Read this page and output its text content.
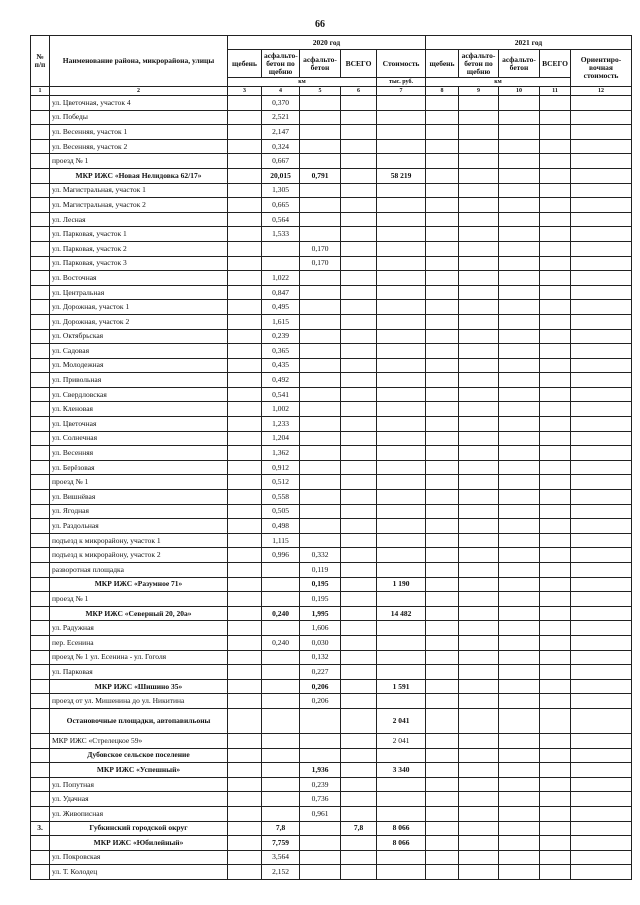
66
№ п/п	Наименование района, микрорайона, улицы	2020 год					2021 год				
		щебень	асфальто-бетон по щебню	асфальто-бетон	ВСЕГО	Стоимость	щебень	асфальто-бетон по щебню	асфальто-бетон	ВСЕГО	Ориентиро-вочная стоимость
		км				тыс. руб.	км				
1	2	3	4	5	6	7	8	9	10	11	12
	ул. Цветочная, участок 4		0,370								
	ул. Победы		2,521								
	ул. Весенняя, участок 1		2,147								
	ул. Весенняя, участок 2		0,324								
	проезд № 1		0,667								
	МКР ИЖС «Новая Нелидовка 62/17»		20,015	0,791		58 219					
	ул. Магистральная, участок 1		1,305								
	ул. Магистральная, участок 2		0,665								
	ул. Лесная		0,564								
	ул. Парковая, участок 1		1,533								
	ул. Парковая, участок 2			0,170							
	ул. Парковая, участок 3			0,170							
	ул. Восточная		1,022								
	ул. Центральная		0,847								
	ул. Дорожная, участок 1		0,495								
	ул. Дорожная, участок 2		1,615								
	ул. Октябрьская		0,239								
	ул. Садовая		0,365								
	ул. Молодежная		0,435								
	ул. Привольная		0,492								
	ул. Свердловская		0,541								
	ул. Кленовая		1,002								
	ул. Цветочная		1,233								
	ул. Солнечная		1,204								
	ул. Весенняя		1,362								
	ул. Берёзовая		0,912								
	проезд № 1		0,512								
	ул. Вишнёвая		0,558								
	ул. Ягодная		0,505								
	ул. Раздольная		0,498								
	подъезд к микрорайону, участок 1		1,115								
	подъезд к микрорайону, участок 2		0,996	0,332							
	разворотная площадка			0,119							
	МКР ИЖС «Разумное 71»			0,195		1 190					
	проезд № 1			0,195							
	МКР ИЖС «Северный 20, 20а»		0,240	1,995		14 482					
	ул. Радужная			1,606							
	пер. Есенина		0,240	0,030							
	проезд № 1 ул. Есенина - ул. Гоголя			0,132							
	ул. Парковая			0,227							
	МКР ИЖС «Шишино 35»			0,206		1 591					
	проезд от ул. Мишенина до ул. Никитина			0,206							
	Остановочные площадки, автопавильоны					2 041					
	МКР ИЖС «Стрелецкое 59»					2 041					
	Дубовское сельское поселение										
	МКР ИЖС «Успешный»			1,936		3 340					
	ул. Попутная			0,239							
	ул. Удачная			0,736							
	ул. Живописная			0,961							
3.	Губкинский городской округ		7,8		7,8	8 066					
	МКР ИЖС «Юбилейный»		7,759			8 066					
	ул. Покровская		3,564								
	ул. Т. Колодец		2,152								
